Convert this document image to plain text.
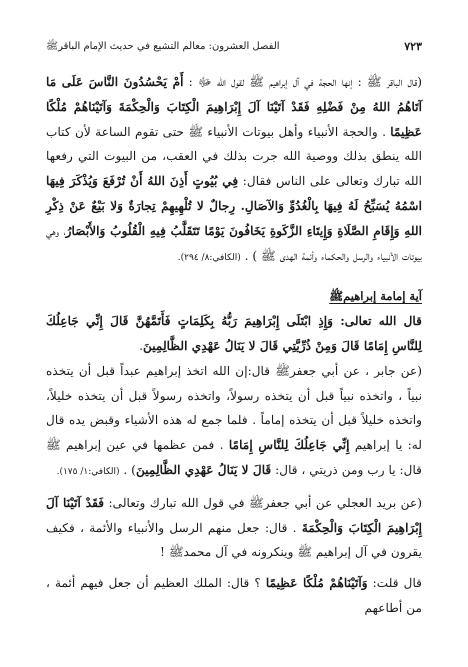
٧٢٣
الفصل العشرون: معالم التشيع في حديث الإمام الباقرﷺ

(قال الباقر ﷺ : إنها الحجة في آل إبراهيم ﷺ لقول الله ﷻ : أَمْ يَحْسُدُونَ النَّاسَ عَلَى مَا آتَاهُمُ اللهُ مِنْ فَضْلِهِ فَقَدْ آتَيْنَا آلَ إِبْرَاهِيمَ الْكِتَابَ وَالْحِكْمَةَ وَآتَيْنَاهُمْ مُلْكًا عَظِيمًا . والحجة الأنبياء وأهل بيوتات الأنبياء ﷺ حتى تقوم الساعة لأن كتاب الله ينطق بذلك ووصية الله جرت بذلك في العقب، من البيوت التي رفعها الله تبارك وتعالى على الناس فقال: فِي بُيُوتٍ أَذِنَ اللهُ أَنْ تُرْفَعَ وَيُذْكَرَ فِيهَا اسْمُهُ يُسَبِّحُ لَهُ فِيهَا بِالْغُدُوِّ وَالآصَالِ. رِجالٌ لا تُلْهِيهِمْ تِجارَةٌ وَلا بَيْعٌ عَنْ ذِكْرِ اللهِ وَإِقَامِ الصَّلَاةِ وَإِيتَاءِ الزَّكَوةِ يَخَافُونَ يَوْمًا تَتَقَلَّبُ فِيهِ الْقُلُوبُ وَالأَبْصَارُ، وهي بيوتات الأنبياء والرسل والحكماء وأئمة الهدى ﷺ ) . (الكافي:٨/ ٢٩٤).

آية إمامة إبراهيمﷺ

قال الله تعالى: وَإِذِ ابْتَلَى إِبْرَاهِيمَ رَبُّهُ بِكَلِمَاتٍ فَأَتَمَّهُنَّ قَالَ إِنِّي جَاعِلُكَ لِلنَّاسِ إِمَامًا قَالَ وَمِنْ ذُرِّيَّتِي قَالَ لا يَنَالُ عَهْدِي الظَّالِمِينَ.

(عن جابر ، عن أبي جعفرﷺ قال:إن الله اتخذ إبراهيم عبداً قبل أن يتخذه نبياً ، واتخذه نبياً قبل أن يتخذه رسولاً، واتخذه رسولاً قبل أن يتخذه خليلاً، واتخذه خليلاً قبل أن يتخذه إماماً . فلما جمع له هذه الأشياء وقبض يده قال له: يا إبراهيم إِنِّي جَاعِلُكَ لِلنَّاسِ إِمَامًا . فمن عظمها في عين إبراهيم ﷺ قال: يا رب ومن ذريتي ، قال: قَالَ لا يَنَالُ عَهْدِي الظَّالِمِينَ) . (الكافي:١/ ١٧٥).

(عن بريد العجلي عن أبي جعفرﷺ في قول الله تبارك وتعالى: فَقَدْ آتَيْنَا آلَ إِبْرَاهِيمَ الْكِتَابَ وَالْحِكْمَةَ . قال: جعل منهم الرسل والأنبياء والأئمة ، فكيف يقرون في آل إبراهيم ﷺ وينكرونه في آل محمدﷺ !

قال قلت: وَآتَيْنَاهُمْ مُلْكًا عَظِيمًا ؟ قال: الملك العظيم أن جعل فيهم أئمة ، من أطاعهم
